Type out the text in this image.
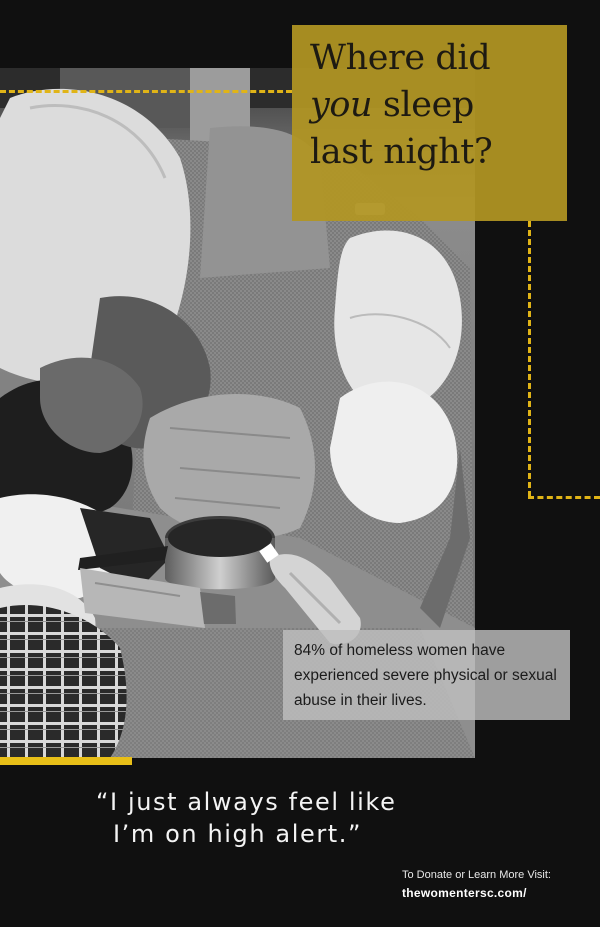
Where did
you sleep
last night?
84% of homeless women have experienced severe physical or sexual abuse in their lives.
“I just always feel like
I’m on high alert.”
To Donate or Learn More Visit:
thewomentersc.com/
